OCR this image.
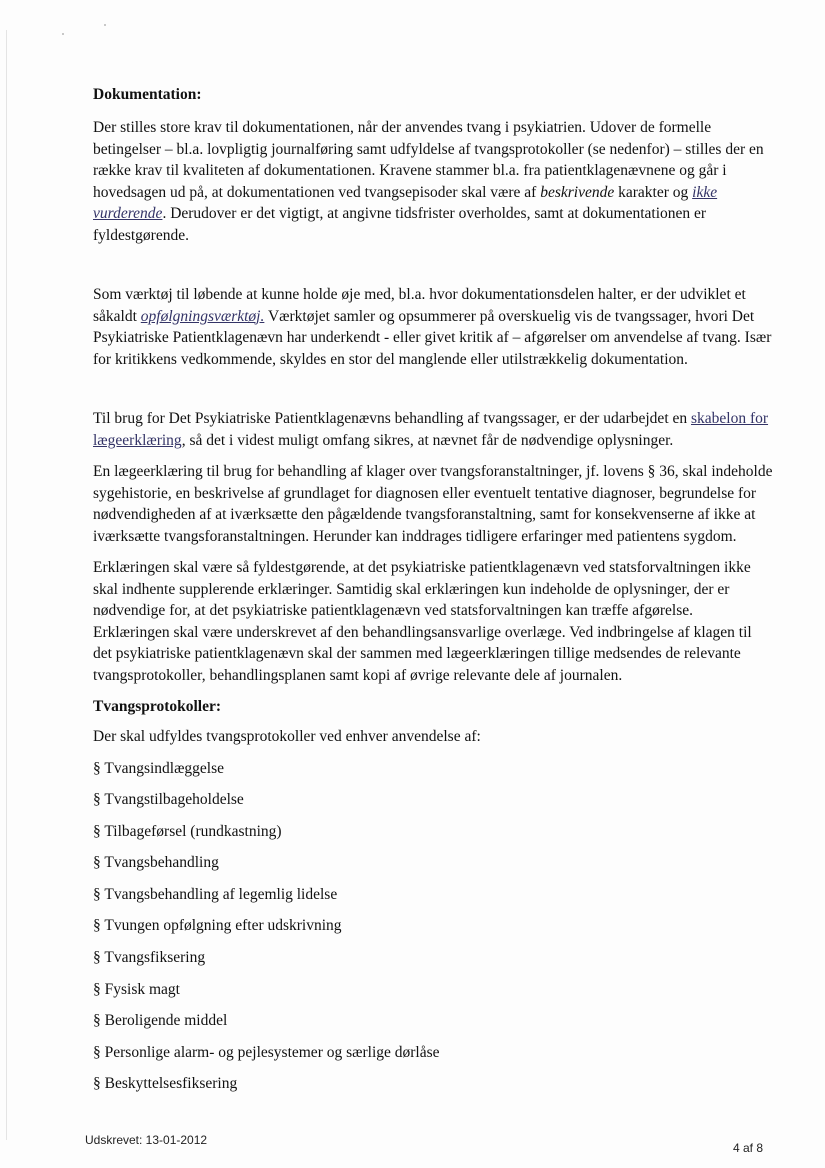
Dokumentation:

Der stilles store krav til dokumentationen, når der anvendes tvang i psykiatrien. Udover de formelle betingelser – bl.a. lovpligtig journalføring samt udfyldelse af tvangsprotokoller (se nedenfor) – stilles der en række krav til kvaliteten af dokumentationen. Kravene stammer bl.a. fra patientklagenævnene og går i hovedsagen ud på, at dokumentationen ved tvangsepisoder skal være af beskrivende karakter og ikke vurderende. Derudover er det vigtigt, at angivne tidsfrister overholdes, samt at dokumentationen er fyldestgørende.

Som værktøj til løbende at kunne holde øje med, bl.a. hvor dokumentationsdelen halter, er der udviklet et såkaldt opfølgningsværktøj. Værktøjet samler og opsummerer på overskuelig vis de tvangssager, hvori Det Psykiatriske Patientklagenævn har underkendt - eller givet kritik af – afgørelser om anvendelse af tvang. Især for kritikkens vedkommende, skyldes en stor del manglende eller utilstrækkelig dokumentation.

Til brug for Det Psykiatriske Patientklagenævns behandling af tvangssager, er der udarbejdet en skabelon for lægeerklæring, så det i videst muligt omfang sikres, at nævnet får de nødvendige oplysninger.

En lægeerklæring til brug for behandling af klager over tvangsforanstaltninger, jf. lovens § 36, skal indeholde sygehistorie, en beskrivelse af grundlaget for diagnosen eller eventuelt tentative diagnoser, begrundelse for nødvendigheden af at iværksætte den pågældende tvangsforanstaltning, samt for konsekvenserne af ikke at iværksætte tvangsforanstaltningen. Herunder kan inddrages tidligere erfaringer med patientens sygdom.

Erklæringen skal være så fyldestgørende, at det psykiatriske patientklagenævn ved statsforvaltningen ikke skal indhente supplerende erklæringer. Samtidig skal erklæringen kun indeholde de oplysninger, der er nødvendige for, at det psykiatriske patientklagenævn ved statsforvaltningen kan træffe afgørelse. Erklæringen skal være underskrevet af den behandlingsansvarlige overlæge. Ved indbringelse af klagen til det psykiatriske patientklagenævn skal der sammen med lægeerklæringen tillige medsendes de relevante tvangsprotokoller, behandlingsplanen samt kopi af øvrige relevante dele af journalen.

Tvangsprotokoller:

Der skal udfyldes tvangsprotokoller ved enhver anvendelse af:

§ Tvangsindlæggelse
§ Tvangstilbageholdelse
§ Tilbageførsel (rundkastning)
§ Tvangsbehandling
§ Tvangsbehandling af legemlig lidelse
§ Tvungen opfølgning efter udskrivning
§ Tvangsfiksering
§ Fysisk magt
§ Beroligende middel
§ Personlige alarm- og pejlesystemer og særlige dørlåse
§ Beskyttelsesfiksering
Udskrevet: 13-01-2012
4 af 8
